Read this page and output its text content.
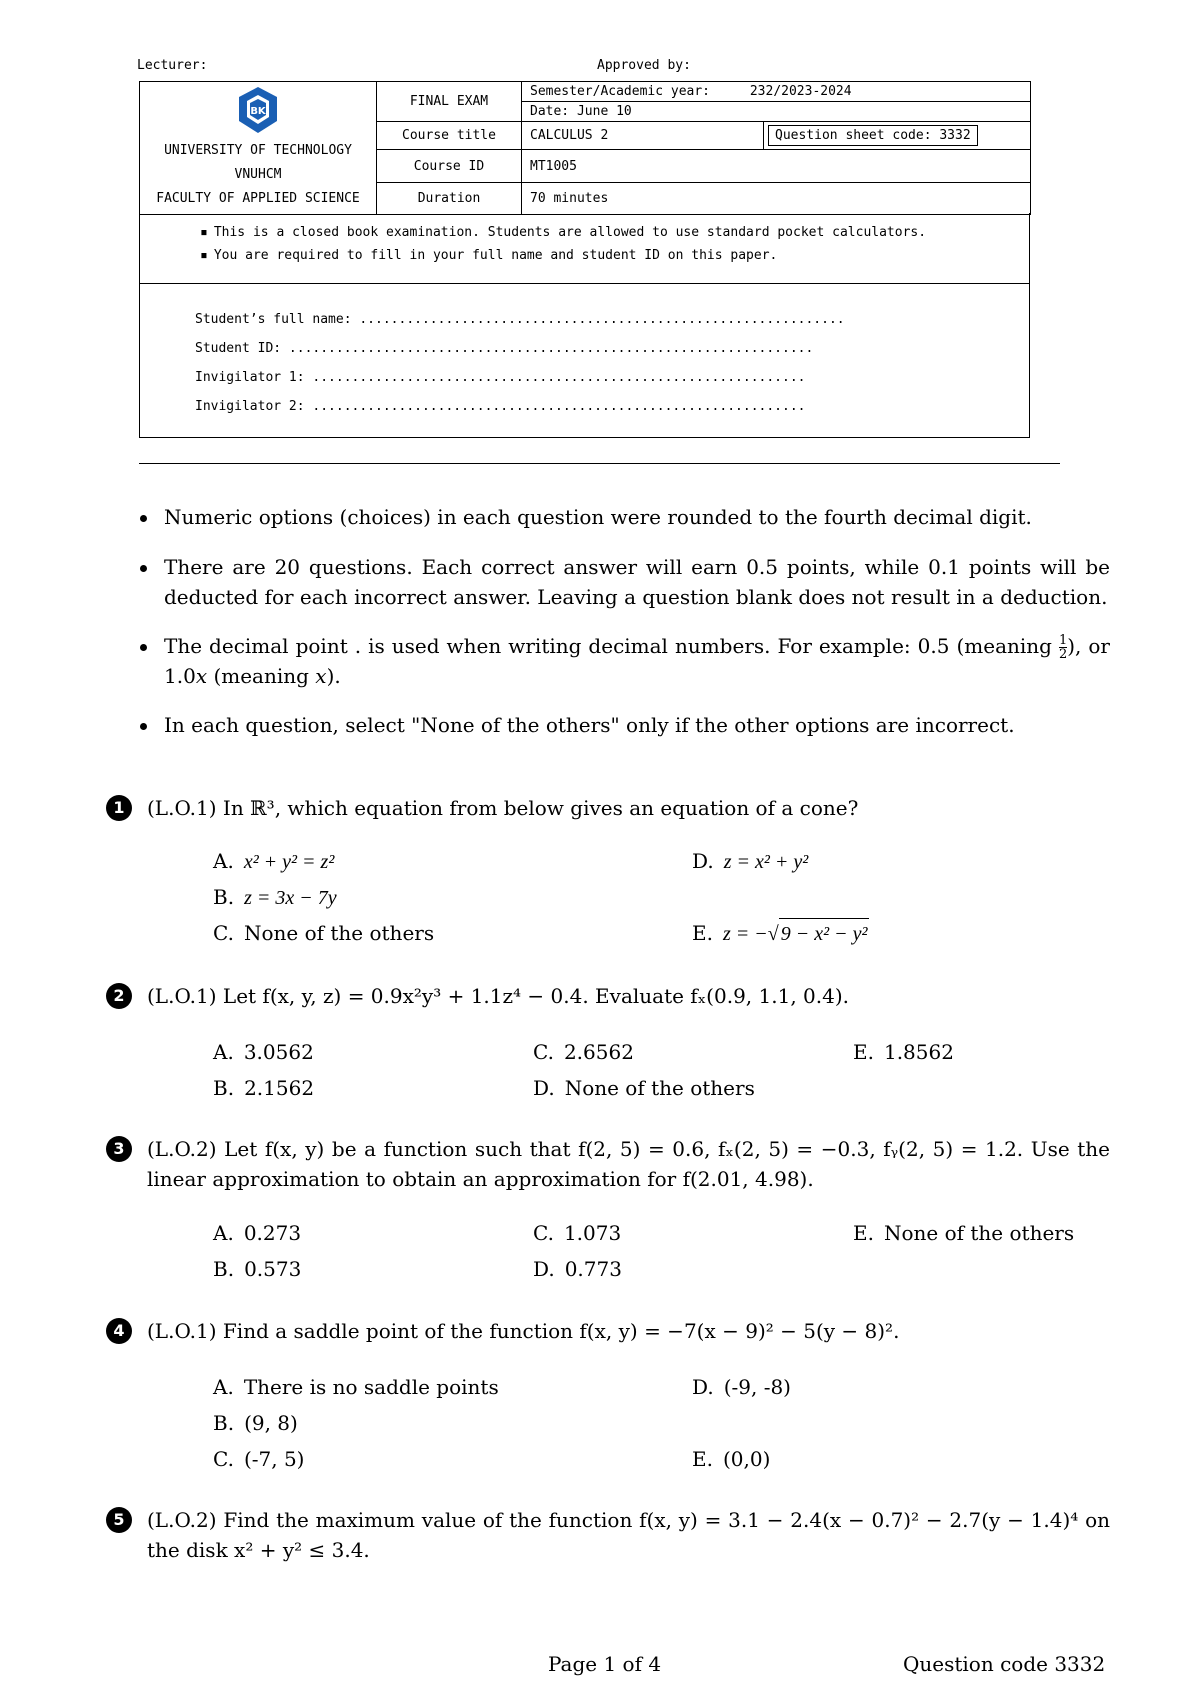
Lecturer:	Approved by:
BK
UNIVERSITY OF TECHNOLOGY
VNUHCM
FACULTY OF APPLIED SCIENCE	FINAL EXAM	Semester/Academic year: 232/2023-2024	
		Date: June 10	
	Course title	CALCULUS 2	Question sheet code: 3332
	Course ID	MT1005	
	Duration	70 minutes	
▪ This is a closed book examination. Students are allowed to use standard pocket calculators.
▪ You are required to fill in your full name and student ID on this paper.
Student’s full name: ..............................................................
Student ID: ...................................................................
Invigilator 1: ...............................................................
Invigilator 2: ...............................................................
Numeric options (choices) in each question were rounded to the fourth decimal digit.
There are 20 questions. Each correct answer will earn 0.5 points, while 0.1 points will be deducted for each incorrect answer. Leaving a question blank does not result in a deduction.
The decimal point . is used when writing decimal numbers. For example: 0.5 (meaning $\frac{1}{2}$ ), or 1.0x (meaning x).
In each question, select "None of the others" only if the other options are incorrect.
1	(L.O.1) In ℝ³, which equation from below gives an equation of a cone?
A. x² + y² = z²
B. z = 3x − 7y
C. None of the others
D. z = x² + y²
E. z = −√ 9 − x² − y²
2	(L.O.1) Let f(x, y, z) = 0.9x²y³ + 1.1z⁴ − 0.4. Evaluate fₓ(0.9, 1.1, 0.4).
A. 3.0562
B. 2.1562
C. 2.6562
D. None of the others
E. 1.8562
3	(L.O.2) Let f(x, y) be a function such that f(2, 5) = 0.6, fₓ(2, 5) = −0.3, fᵧ(2, 5) = 1.2. Use the linear approximation to obtain an approximation for f(2.01, 4.98).
A. 0.273
B. 0.573
C. 1.073
D. 0.773
E. None of the others
4	(L.O.1) Find a saddle point of the function f(x, y) = −7(x − 9)² − 5(y − 8)².
A. There is no saddle points
B. (9, 8)
C. (-7, 5)
D. (-9, -8)
E. (0,0)
5	(L.O.2) Find the maximum value of the function f(x, y) = 3.1 − 2.4(x − 0.7)² − 2.7(y − 1.4)⁴ on the disk x² + y² ≤ 3.4.
Page 1 of 4	Question code 3332
